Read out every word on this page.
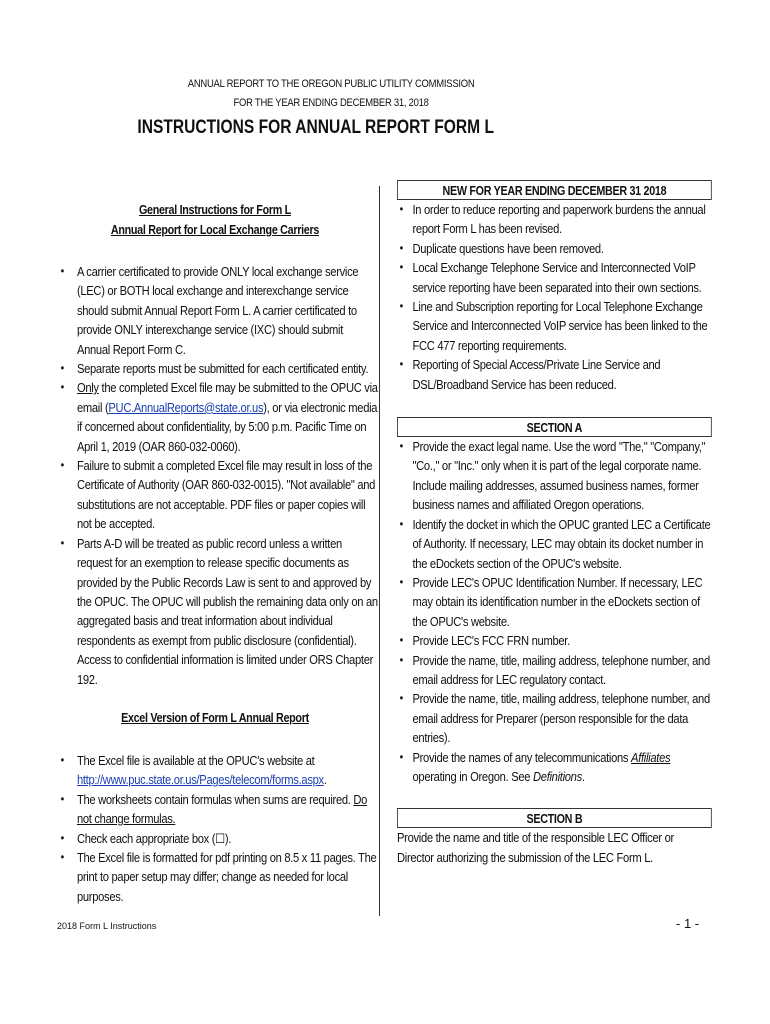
ANNUAL REPORT TO THE OREGON PUBLIC UTILITY COMMISSION
FOR THE YEAR ENDING DECEMBER 31, 2018
INSTRUCTIONS FOR ANNUAL REPORT FORM L
General Instructions for Form L
Annual Report for Local Exchange Carriers
• A carrier certificated to provide ONLY local exchange service (LEC) or BOTH local exchange and interexchange service should submit Annual Report Form L. A carrier certificated to provide ONLY interexchange service (IXC) should submit Annual Report Form C.
• Separate reports must be submitted for each certificated entity.
• Only the completed Excel file may be submitted to the OPUC via email (PUC.AnnualReports@state.or.us), or via electronic media if concerned about confidentiality, by 5:00 p.m. Pacific Time on April 1, 2019 (OAR 860-032-0060).
• Failure to submit a completed Excel file may result in loss of the Certificate of Authority (OAR 860-032-0015). "Not available" and substitutions are not acceptable. PDF files or paper copies will not be accepted.
• Parts A-D will be treated as public record unless a written request for an exemption to release specific documents as provided by the Public Records Law is sent to and approved by the OPUC. The OPUC will publish the remaining data only on an aggregated basis and treat information about individual respondents as exempt from public disclosure (confidential). Access to confidential information is limited under ORS Chapter 192.
Excel Version of Form L Annual Report
• The Excel file is available at the OPUC's website at http://www.puc.state.or.us/Pages/telecom/forms.aspx.
• The worksheets contain formulas when sums are required. Do not change formulas.
• Check each appropriate box (☐).
• The Excel file is formatted for pdf printing on 8.5 x 11 pages. The print to paper setup may differ; change as needed for local purposes.
NEW FOR YEAR ENDING DECEMBER 31 2018
• In order to reduce reporting and paperwork burdens the annual report Form L has been revised.
• Duplicate questions have been removed.
• Local Exchange Telephone Service and Interconnected VoIP service reporting have been separated into their own sections.
• Line and Subscription reporting for Local Telephone Exchange Service and Interconnected VoIP service has been linked to the FCC 477 reporting requirements.
• Reporting of Special Access/Private Line Service and DSL/Broadband Service has been reduced.
SECTION A
• Provide the exact legal name. Use the word "The," "Company," "Co.," or "Inc." only when it is part of the legal corporate name. Include mailing addresses, assumed business names, former business names and affiliated Oregon operations.
• Identify the docket in which the OPUC granted LEC a Certificate of Authority. If necessary, LEC may obtain its docket number in the eDockets section of the OPUC's website.
• Provide LEC's OPUC Identification Number. If necessary, LEC may obtain its identification number in the eDockets section of the OPUC's website.
• Provide LEC's FCC FRN number.
• Provide the name, title, mailing address, telephone number, and email address for LEC regulatory contact.
• Provide the name, title, mailing address, telephone number, and email address for Preparer (person responsible for the data entries).
• Provide the names of any telecommunications Affiliates operating in Oregon. See Definitions.
SECTION B
Provide the name and title of the responsible LEC Officer or Director authorizing the submission of the LEC Form L.
2018 Form L Instructions	- 1 -
